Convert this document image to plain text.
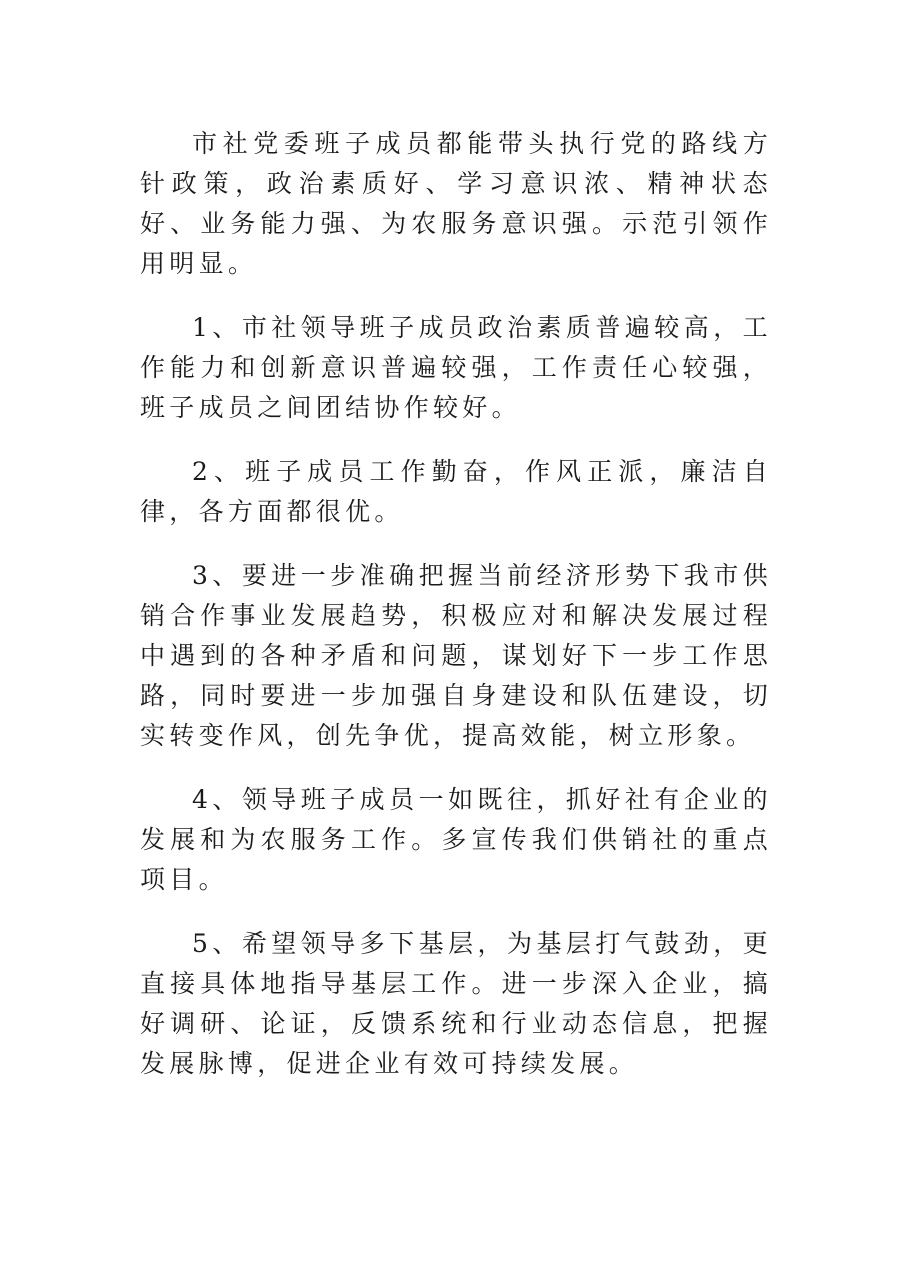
市社党委班子成员都能带头执行党的路线方针政策，政治素质好、学习意识浓、精神状态好、业务能力强、为农服务意识强。示范引领作用明显。

1、市社领导班子成员政治素质普遍较高，工作能力和创新意识普遍较强，工作责任心较强，班子成员之间团结协作较好。

2、班子成员工作勤奋，作风正派，廉洁自律，各方面都很优。

3、要进一步准确把握当前经济形势下我市供销合作事业发展趋势，积极应对和解决发展过程中遇到的各种矛盾和问题，谋划好下一步工作思路，同时要进一步加强自身建设和队伍建设，切实转变作风，创先争优，提高效能，树立形象。

4、领导班子成员一如既往，抓好社有企业的发展和为农服务工作。多宣传我们供销社的重点项目。

5、希望领导多下基层，为基层打气鼓劲，更直接具体地指导基层工作。进一步深入企业，搞好调研、论证，反馈系统和行业动态信息，把握发展脉博，促进企业有效可持续发展。
